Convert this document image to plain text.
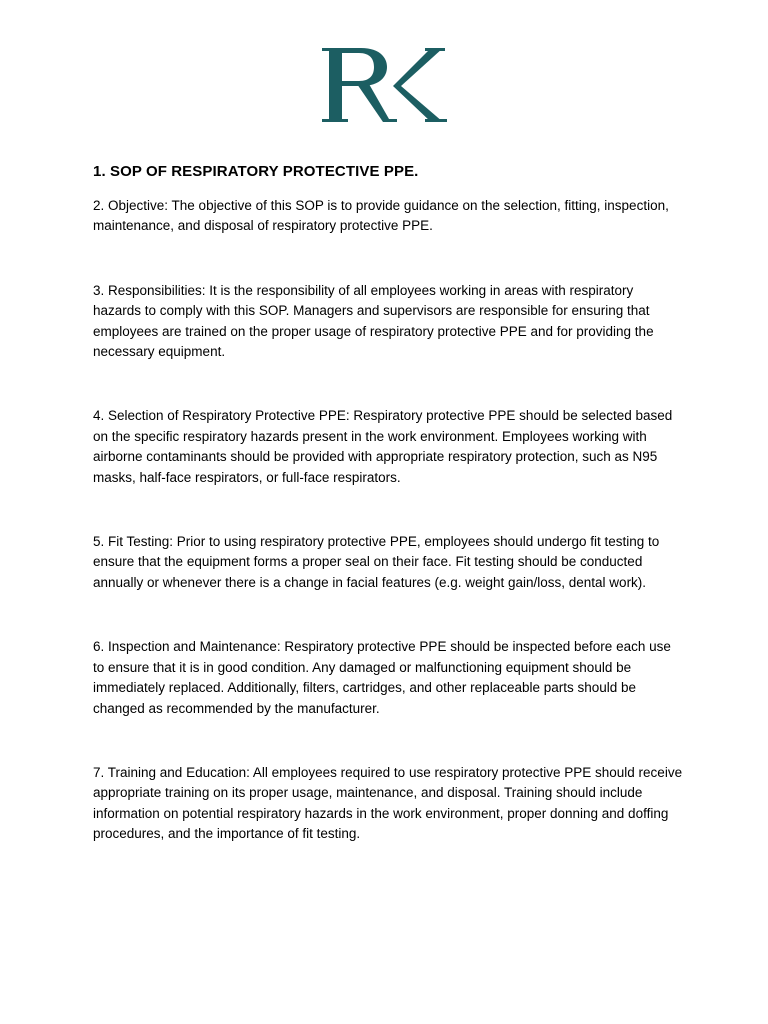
1. SOP OF RESPIRATORY PROTECTIVE PPE.

2. Objective: The objective of this SOP is to provide guidance on the selection, fitting, inspection, maintenance, and disposal of respiratory protective PPE.

3. Responsibilities: It is the responsibility of all employees working in areas with respiratory hazards to comply with this SOP. Managers and supervisors are responsible for ensuring that employees are trained on the proper usage of respiratory protective PPE and for providing the necessary equipment.

4. Selection of Respiratory Protective PPE: Respiratory protective PPE should be selected based on the specific respiratory hazards present in the work environment. Employees working with airborne contaminants should be provided with appropriate respiratory protection, such as N95 masks, half-face respirators, or full-face respirators.

5. Fit Testing: Prior to using respiratory protective PPE, employees should undergo fit testing to ensure that the equipment forms a proper seal on their face. Fit testing should be conducted annually or whenever there is a change in facial features (e.g. weight gain/loss, dental work).

6. Inspection and Maintenance: Respiratory protective PPE should be inspected before each use to ensure that it is in good condition. Any damaged or malfunctioning equipment should be immediately replaced. Additionally, filters, cartridges, and other replaceable parts should be changed as recommended by the manufacturer.

7. Training and Education: All employees required to use respiratory protective PPE should receive appropriate training on its proper usage, maintenance, and disposal. Training should include information on potential respiratory hazards in the work environment, proper donning and doffing procedures, and the importance of fit testing.
